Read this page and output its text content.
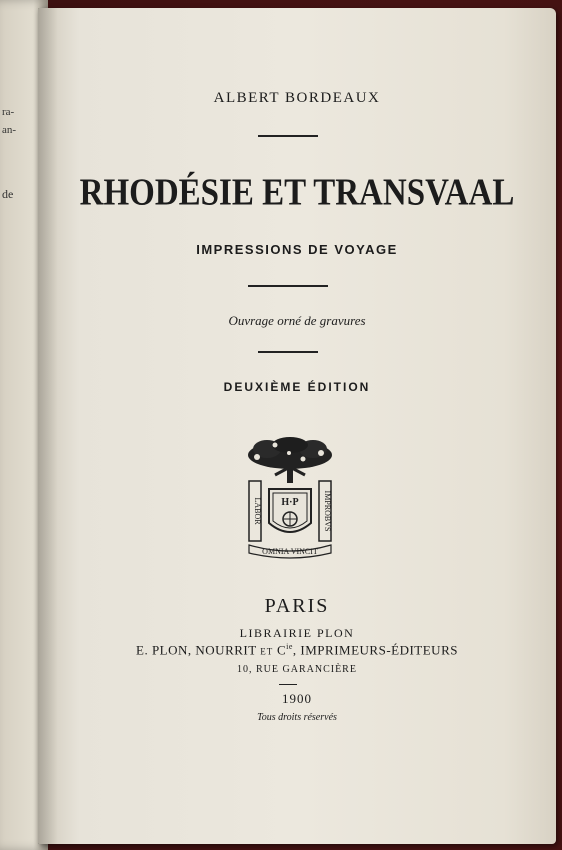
ra-
an-
de
ALBERT BORDEAUX
RHODÉSIE ET TRANSVAAL
IMPRESSIONS DE VOYAGE
Ouvrage orné de gravures
DEUXIÈME ÉDITION
LABOR	IMPROBVS
H·P
OMNIA VINCIT
PARIS
LIBRAIRIE PLON
E. PLON, NOURRIT ET $C^{ie}$, IMPRIMEURS-ÉDITEURS
10, RUE GARANCIÈRE
1900
Tous droits réservés
